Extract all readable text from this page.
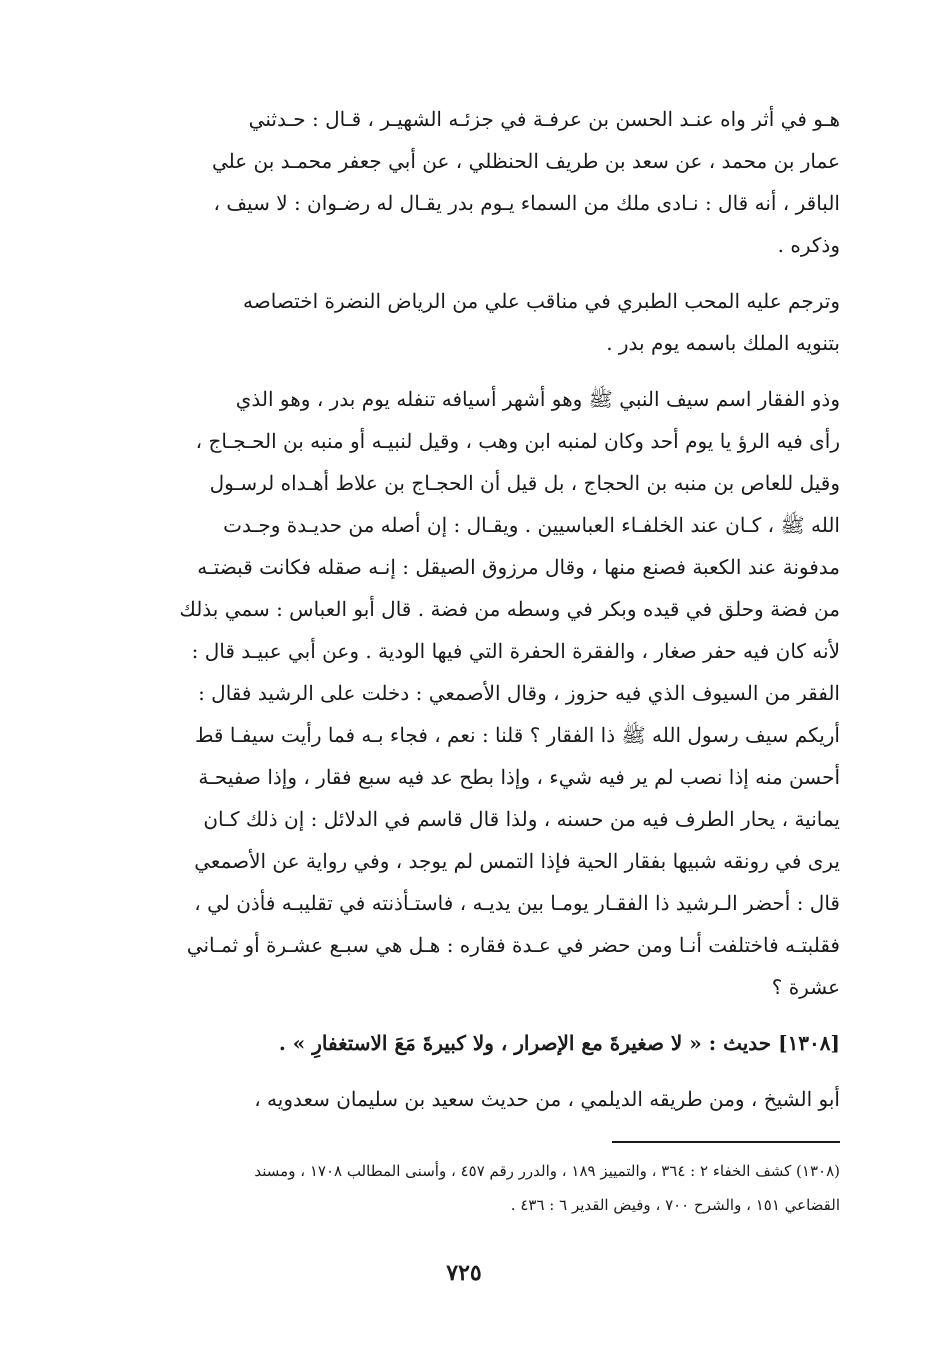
هـو في أثر واه عنـد الحسن بن عرفـة في جزئـه الشهيـر ، قـال : حـدثني
عمار بن محمد ، عن سعد بن طريف الحنظلي ، عن أبي جعفر محمـد بن علي
الباقر ، أنه قال : نـادى ملك من السماء يـوم بدر يقـال له رضـوان : لا سيف ،
وذكره .
وترجم عليه المحب الطبري في مناقب علي من الرياض النضرة اختصاصه
بتنويه الملك باسمه يوم بدر .
وذو الفقار اسم سيف النبي ﷺ وهو أشهر أسيافه تنفله يوم بدر ، وهو الذي
رأى فيه الرؤ يا يوم أحد وكان لمنبه ابن وهب ، وقيل لنبيـه أو منبه بن الحـجـاج ،
وقيل للعاص بن منبه بن الحجاج ، بل قيل أن الحجـاج بن علاط أهـداه لرسـول
الله ﷺ ، كـان عند الخلفـاء العباسيين . ويقـال : إن أصله من حديـدة وجـدت
مدفونة عند الكعبة فصنع منها ، وقال مرزوق الصيقل : إنـه صقله فكانت قبضتـه
من فضة وحلق في قيده وبكر في وسطه من فضة . قال أبو العباس : سمي بذلك
لأنه كان فيه حفر صغار ، والفقرة الحفرة التي فيها الودية . وعن أبي عبيـد قال :
الفقر من السيوف الذي فيه حزوز ، وقال الأصمعي : دخلت على الرشيد فقال :
أريكم سيف رسول الله ﷺ ذا الفقار ؟ قلنا : نعم ، فجاء بـه فما رأيت سيفـا قط
أحسن منه إذا نصب لم ير فيه شيء ، وإذا بطح عد فيه سبع فقار ، وإذا صفيحـة
يمانية ، يحار الطرف فيه من حسنه ، ولذا قال قاسم في الدلائل : إن ذلك كـان
يرى في رونقه شبيها بفقار الحية فإذا التمس لم يوجد ، وفي رواية عن الأصمعي
قال : أحضر الـرشيد ذا الفقـار يومـا بين يديـه ، فاستـأذنته في تقليبـه فأذن لي ،
فقلبتـه فاختلفت أنـا ومن حضر في عـدة فقاره : هـل هي سبـع عشـرة أو ثمـاني
عشرة ؟
[١٣٠٨] حديث : « لا صغيرةَ مع الإصرار ، ولا كبيرةَ مَعَ الاستغفارِ » .
أبو الشيخ ، ومن طريقه الديلمي ، من حديث سعيد بن سليمان سعدويه ،
(١٣٠٨) كشف الخفاء ٢ : ٣٦٤ ، والتمييز ١٨٩ ، والدرر رقم ٤٥٧ ، وأسنى المطالب ١٧٠٨ ، ومسند
القضاعي ١٥١ ، والشرح ٧٠٠ ، وفيض القدير ٦ : ٤٣٦ .
٧٢٥
